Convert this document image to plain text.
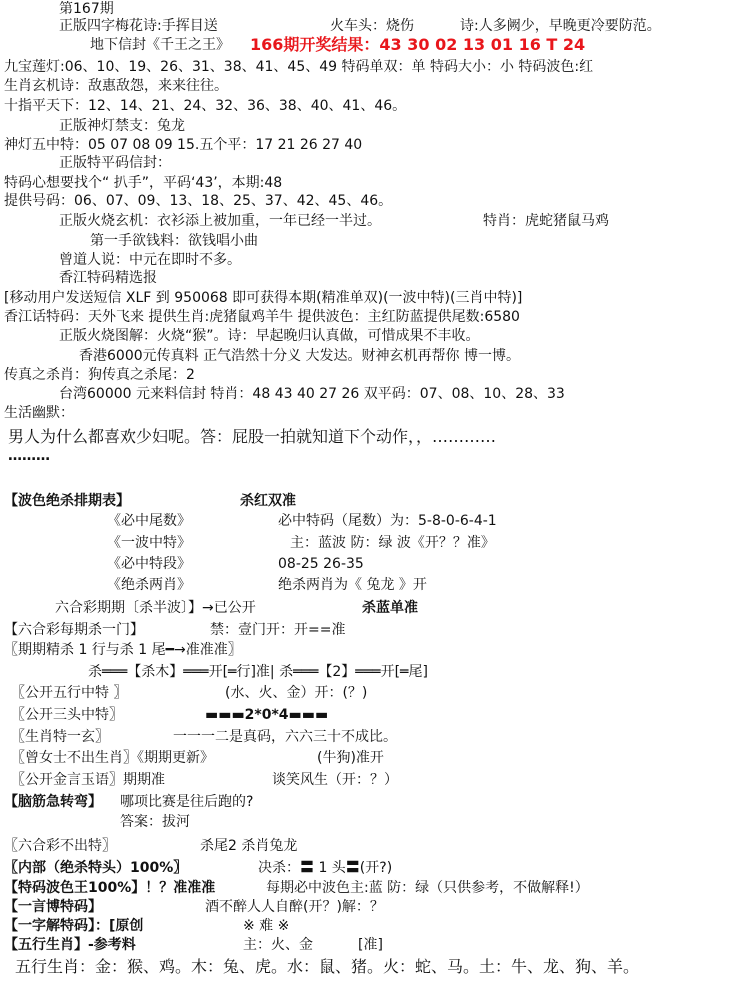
第167期
正版四字梅花诗:手挥目送	火车头：烧伤	诗:人多阙少，早晚更冷要防范。
地下信封《千王之王》 166期开奖结果：43 30 02 13 01 16 T 24
九宝莲灯:06、10、19、26、31、38、41、45、49 特码单双：单 特码大小：小 特码波色:红
生肖玄机诗：敌惠敌怨，来来往往。
十指平天下：12、14、21、24、32、36、38、40、41、46。
正版神灯禁支：兔龙
神灯五中特：05 07 08 09 15.五个平：17 21 26 27 40
正版特平码信封：
特码心想要找个“ 扒手”，平码‘43’，本期:48
提供号码：06、07、09、13、18、25、37、42、45、46。
正版火烧玄机：衣衫添上被加重，一年已经一半过。	特肖：虎蛇猪鼠马鸡
第一手欲钱料：欲钱唱小曲
曾道人说：中元在即时不多。
香江特码精选报
[移动用户发送短信 XLF 到 950068 即可获得本期(精准单双)(一波中特)(三肖中特)]
香江话特码：天外飞来 提供生肖:虎猪鼠鸡羊牛 提供波色：主红防蓝提供尾数:6580
正版火烧图解：火烧“猴”。诗：早起晚归认真做，可惜成果不丰收。
香港6000元传真料 正气浩然十分义 大发达。财神玄机再帮你 博一博。
传真之杀肖：狗传真之杀尾：2
台湾60000 元来料信封 特肖：48 43 40 27 26 双平码：07、08、10、28、33
生活幽默：
男人为什么都喜欢少妇呢。答：屁股一拍就知道下个动作，，…………
………
【波色绝杀排期表】	杀红双准
《必中尾数》	必中特码（尾数）为：5-8-0-6-4-1
《一波中特》	主：蓝波 防：绿 波《开？？准》
《必中特段》	08-25 26-35
《绝杀两肖》	绝杀两肖为《 兔龙 》开
六合彩期期〔杀半波〕】→已公开	杀蓝单准
【六合彩每期杀一门】	禁：壹门开：开==准
〖期期精杀 1 行与杀 1 尾━→准准准〗
杀═══【杀木】═══开[═行]准| 杀═══【2】═══开[═尾]
〖公开五行中特 〗	(水、火、金）开：(？)
〖公开三头中特〗	▬▬▬2*0*4▬▬▬
〖生肖特一玄〗	一一一二是真码，六六三十不成比。
〖曾女士不出生肖〗《期期更新》	(牛狗)准开
〖公开金言玉语〗期期准	谈笑风生（开：？）
【脑筋急转弯】 哪项比赛是往后跑的?
答案：拔河
〖六合彩不出特〗	杀尾2 杀肖兔龙
〖内部（绝杀特头）100%〗	决杀：〓 1 头〓(开?)
【特码波色王100%】！？准准准	每期必中波色主:蓝 防：绿（只供参考，不做解释!）
【一言博特码】	酒不醉人人自醉(开？)解：？
【一字解特码】：[原创	※ 难 ※
【五行生肖】-参考料	主：火、金	[准]
五行生肖：金：猴、鸡。木：兔、虎。水：鼠、猪。火：蛇、马。土：牛、龙、狗、羊。
